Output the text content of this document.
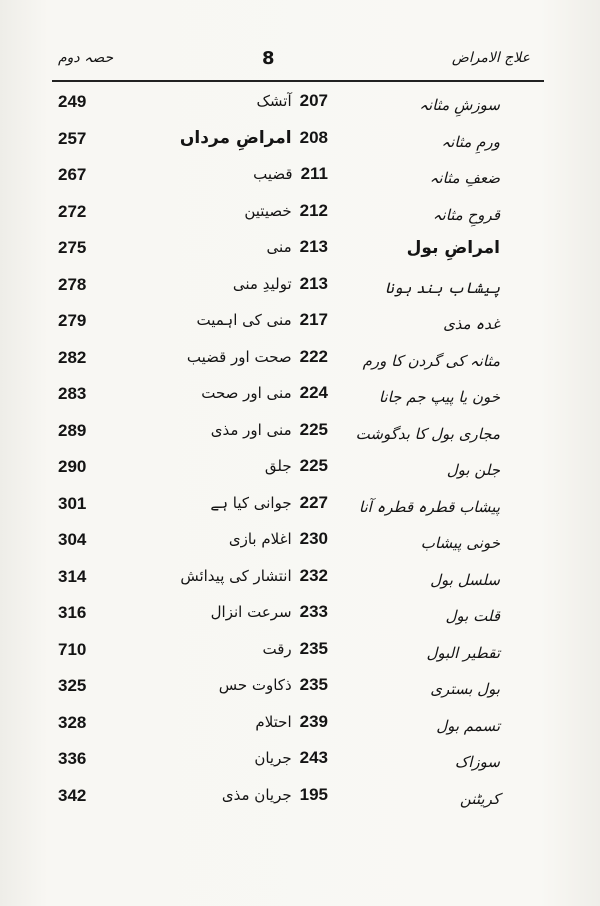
حصہ دوم	8	علاج الامراض
249	207آتشک	سوزشِ مثانہ
257	208امراضِ مرداں	ورمِ مثانہ
267	211قضیب	ضعفِ مثانہ
272	212خصیتین	قروحِ مثانہ
275	213منی	امراضِ بول
278	213تولیدِ منی	پیشاب بند ہونا
279	217منی کی اہمیت	غدہ مذی
282	222صحت اور قضیب	مثانہ کی گردن کا ورم
283	224منی اور صحت	خون یا پیپ جم جانا
289	225منی اور مذی	مجاری بول کا بدگوشت
290	225جلق	جلن بول
301	227جوانی کیا ہے	پیشاب قطرہ قطرہ آنا
304	230اغلام بازی	خونی پیشاب
314	232انتشار کی پیدائش	سلسل بول
316	233سرعت انزال	قلت بول
710	235رقت	تقطیر البول
325	235ذکاوت حس	بول بستری
328	239احتلام	تسمم بول
336	243جریان	سوزاک
342	195جریان مذی	کریٹنن
